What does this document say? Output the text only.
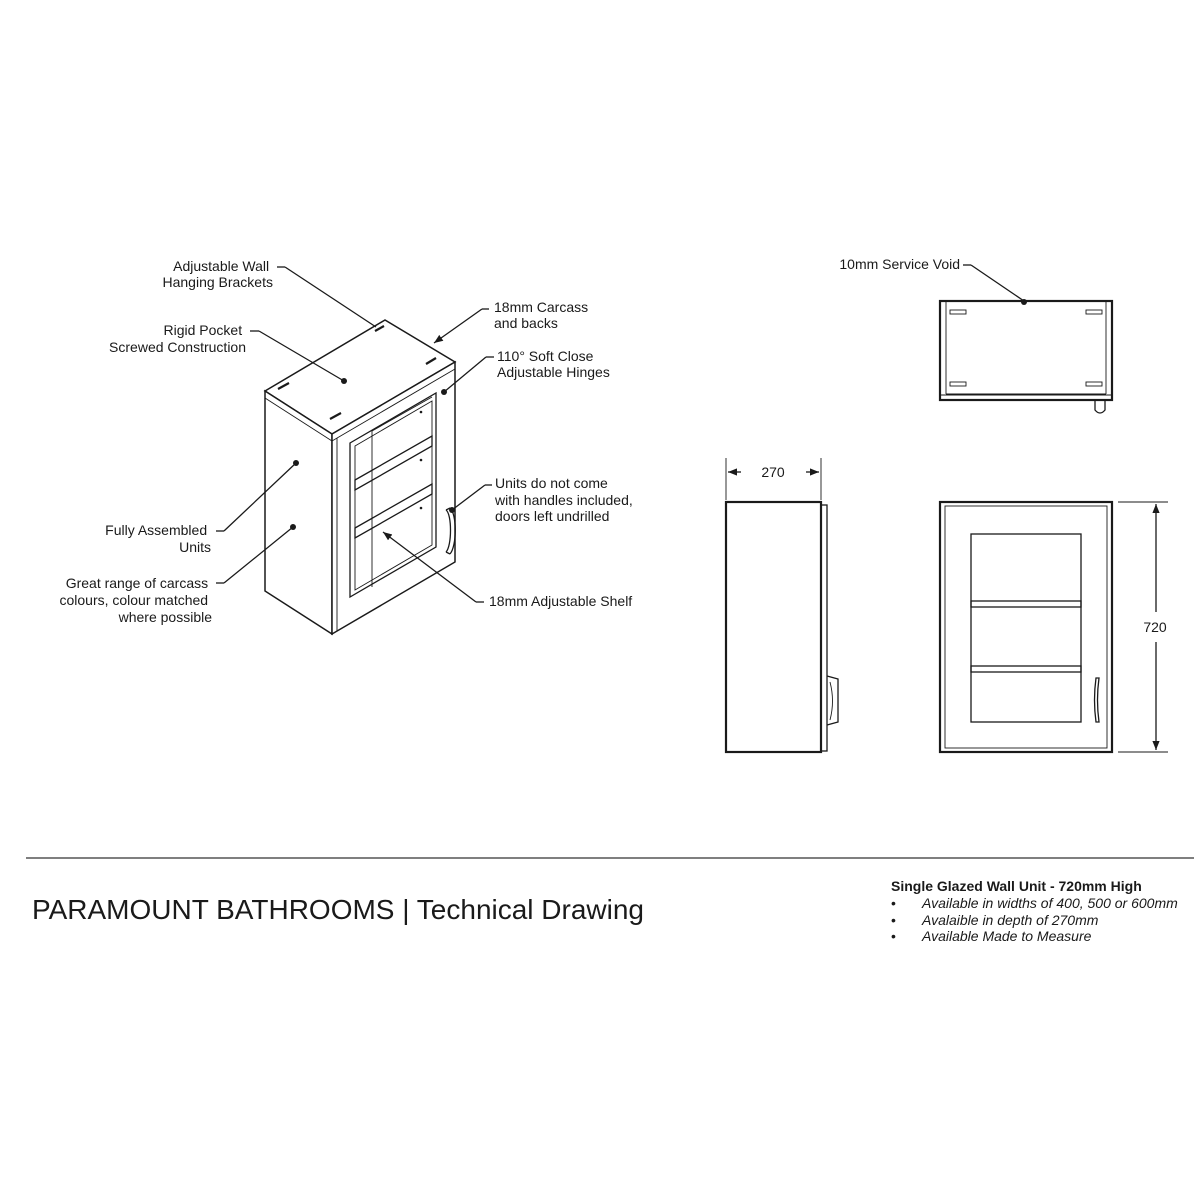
Adjustable Wall Hanging Brackets
Rigid Pocket Screwed Construction
18mm Carcass and backs
110° Soft Close Adjustable Hinges
Fully Assembled Units
Great range of carcass colours, colour matched where possible
Units do not come with handles included, doors left undrilled
18mm Adjustable Shelf
10mm Service Void
270
720
PARAMOUNT BATHROOMS | Technical Drawing
Single Glazed Wall Unit - 720mm High
• Available in widths of 400, 500 or 600mm
• Avalaible in depth of 270mm
• Available Made to Measure
